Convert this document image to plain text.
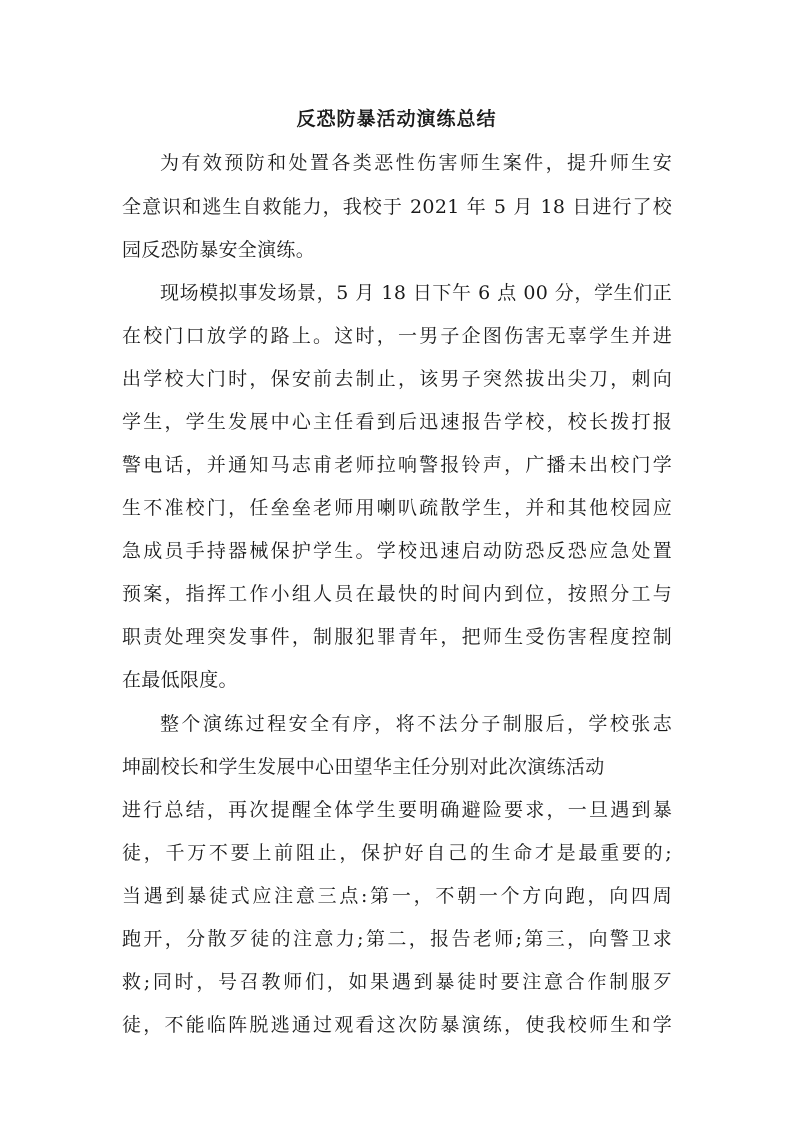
反恐防暴活动演练总结
为有效预防和处置各类恶性伤害师生案件，提升师生安
全意识和逃生自救能力，我校于 2021 年 5 月 18 日进行了校
园反恐防暴安全演练。
现场模拟事发场景，5 月 18 日下午 6 点 00 分，学生们正
在校门口放学的路上。这时，一男子企图伤害无辜学生并进
出学校大门时，保安前去制止，该男子突然拔出尖刀，刺向
学生，学生发展中心主任看到后迅速报告学校，校长拨打报
警电话，并通知马志甫老师拉响警报铃声，广播未出校门学
生不准校门，任垒垒老师用喇叭疏散学生，并和其他校园应
急成员手持器械保护学生。学校迅速启动防恐反恐应急处置
预案，指挥工作小组人员在最快的时间内到位，按照分工与
职责处理突发事件，制服犯罪青年，把师生受伤害程度控制
在最低限度。
整个演练过程安全有序，将不法分子制服后，学校张志
坤副校长和学生发展中心田望华主任分别对此次演练活动
进行总结，再次提醒全体学生要明确避险要求，一旦遇到暴
徒，千万不要上前阻止，保护好自己的生命才是最重要的;
当遇到暴徒式应注意三点:第一，不朝一个方向跑，向四周
跑开，分散歹徒的注意力;第二，报告老师;第三，向警卫求
救;同时，号召教师们，如果遇到暴徒时要注意合作制服歹
徒，不能临阵脱逃通过观看这次防暴演练，使我校师生和学
